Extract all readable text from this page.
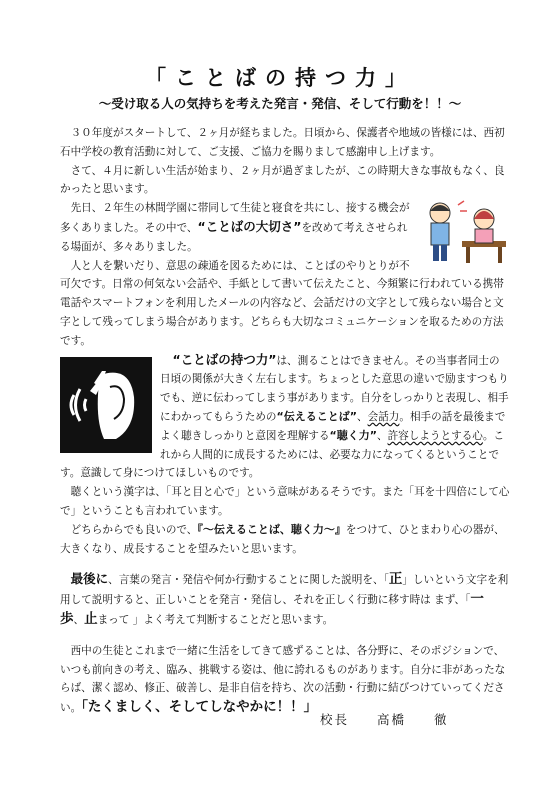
「ことばの持つ力」
～受け取る人の気持ちを考えた発言・発信、そして行動を！！～

３０年度がスタートして、２ヶ月が経ちました。日頃から、保護者や地域の皆様には、西初石中学校の教育活動に対して、ご支援、ご協力を賜りまして感謝申し上げます。

さて、４月に新しい生活が始まり、２ヶ月が過ぎましたが、この時期大きな事故もなく、良かったと思います。

先日、２年生の林間学園に帯同して生徒と寝食を共にし、接する機会が多くありました。その中で、“ことばの大切さ”を改めて考えさせられる場面が、多々ありました。

人と人を繋いだり、意思の疎通を図るためには、ことばのやりとりが不可欠です。日常の何気ない会話や、手紙として書いて伝えたこと、今頻繁に行われている携帯電話やスマートフォンを利用したメールの内容など、会話だけの文字として残らない場合と文字として残ってしまう場合があります。どちらも大切なコミュニケーションを取るための方法です。

“ことばの持つ力”は、測ることはできません。その当事者同士の日頃の関係が大きく左右します。ちょっとした意思の違いで励ますつもりでも、逆に伝わってしまう事があります。自分をしっかりと表現し、相手にわかってもらうための“伝えることば”、会話力。相手の話を最後までよく聴きしっかりと意図を理解する“聴く力”、許容しようとする心。これから人間的に成長するためには、必要な力になってくるということです。意識して身につけてほしいものです。

聴くという漢字は、「耳と目と心で」という意味があるそうです。また「耳を十四倍にして心で」ということも言われています。

どちらからでも良いので、『～伝えることば、聴く力～』をつけて、ひとまわり心の器が、大きくなり、成長することを望みたいと思います。

最後に、言葉の発言・発信や何か行動することに関した説明を、「正」しいという文字を利用して説明すると、正しいことを発言・発信し、それを正しく行動に移す時は まず、「一 歩、止まって 」よく考えて判断することだと思います。

西中の生徒とこれまで一緒に生活をしてきて感ずることは、各分野に、そのポジションで、いつも前向きの考え、臨み、挑戦する姿は、他に誇れるものがあります。自分に非があったならば、潔く認め、修正、破善し、是非自信を持ち、次の活動・行動に結びつけていってください。「たくましく、そしてしなやかに！！」

校長 高橋 徹
